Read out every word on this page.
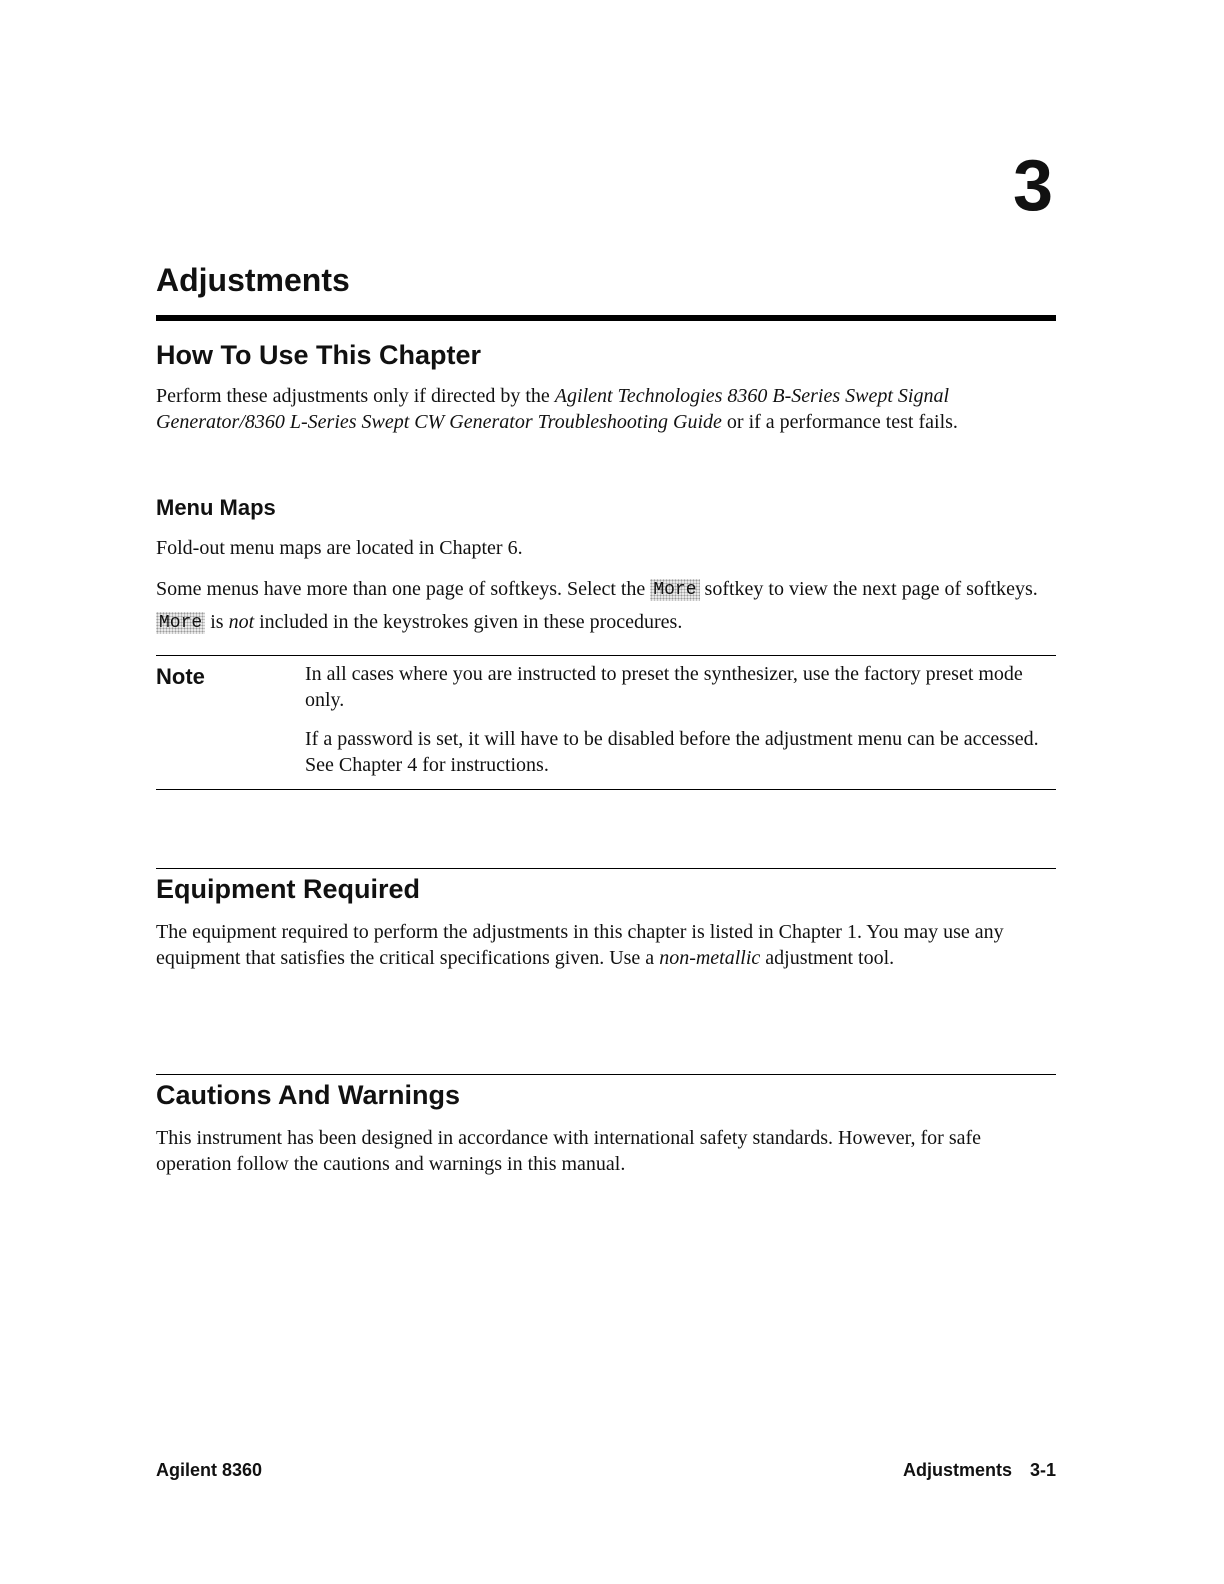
3
Adjustments
How To Use This Chapter

Perform these adjustments only if directed by the Agilent Technologies 8360 B-Series Swept Signal Generator/8360 L-Series Swept CW Generator Troubleshooting Guide or if a performance test fails.

Menu Maps

Fold-out menu maps are located in Chapter 6.

Some menus have more than one page of softkeys. Select the More softkey to view the next page of softkeys. More is not included in the keystrokes given in these procedures.

Note	In all cases where you are instructed to preset the synthesizer, use the factory preset mode only.

If a password is set, it will have to be disabled before the adjustment menu can be accessed. See Chapter 4 for instructions.

Equipment Required

The equipment required to perform the adjustments in this chapter is listed in Chapter 1. You may use any equipment that satisfies the critical specifications given. Use a non-metallic adjustment tool.

Cautions And Warnings

This instrument has been designed in accordance with international safety standards. However, for safe operation follow the cautions and warnings in this manual.

Agilent 8360	Adjustments 3-1
